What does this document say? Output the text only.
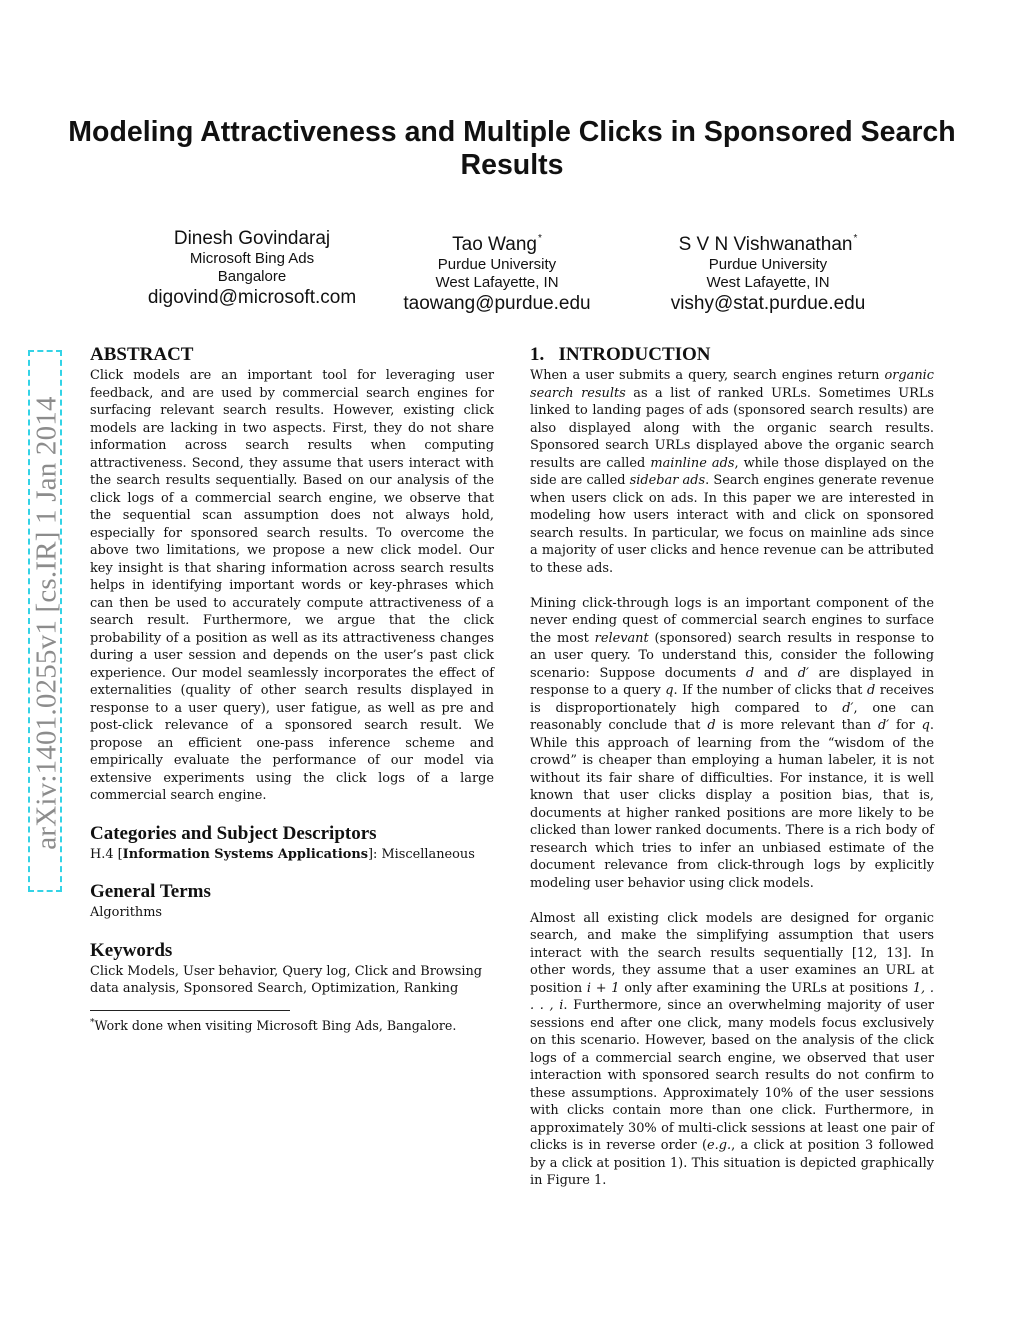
arXiv:1401.0255v1 [cs.IR] 1 Jan 2014
Modeling Attractiveness and Multiple Clicks in Sponsored Search Results
Dinesh Govindaraj
Microsoft Bing Ads
Bangalore
digovind@microsoft.com
Tao Wang*
Purdue University
West Lafayette, IN
taowang@purdue.edu
S V N Vishwanathan*
Purdue University
West Lafayette, IN
vishy@stat.purdue.edu
ABSTRACT

Click models are an important tool for leveraging user feedback, and are used by commercial search engines for surfacing relevant search results. However, existing click models are lacking in two aspects. First, they do not share information across search results when computing attractiveness. Second, they assume that users interact with the search results sequentially. Based on our analysis of the click logs of a commercial search engine, we observe that the sequential scan assumption does not always hold, especially for sponsored search results. To overcome the above two limitations, we propose a new click model. Our key insight is that sharing information across search results helps in identifying important words or key-phrases which can then be used to accurately compute attractiveness of a search result. Furthermore, we argue that the click probability of a position as well as its attractiveness changes during a user session and depends on the user’s past click experience. Our model seamlessly incorporates the effect of externalities (quality of other search results displayed in response to a user query), user fatigue, as well as pre and post-click relevance of a sponsored search result. We propose an efficient one-pass inference scheme and empirically evaluate the performance of our model via extensive experiments using the click logs of a large commercial search engine.

Categories and Subject Descriptors

H.4 [Information Systems Applications]: Miscellaneous

General Terms

Algorithms

Keywords

Click Models, User behavior, Query log, Click and Browsing data analysis, Sponsored Search, Optimization, Ranking

*Work done when visiting Microsoft Bing Ads, Bangalore.
1.   INTRODUCTION

When a user submits a query, search engines return organic search results as a list of ranked URLs. Sometimes URLs linked to landing pages of ads (sponsored search results) are also displayed along with the organic search results. Sponsored search URLs displayed above the organic search results are called mainline ads, while those displayed on the side are called sidebar ads. Search engines generate revenue when users click on ads. In this paper we are interested in modeling how users interact with and click on sponsored search results. In particular, we focus on mainline ads since a majority of user clicks and hence revenue can be attributed to these ads.

Mining click-through logs is an important component of the never ending quest of commercial search engines to surface the most relevant (sponsored) search results in response to an user query. To understand this, consider the following scenario: Suppose documents d and d′ are displayed in response to a query q. If the number of clicks that d receives is disproportionately high compared to d′, one can reasonably conclude that d is more relevant than d′ for q. While this approach of learning from the “wisdom of the crowd” is cheaper than employing a human labeler, it is not without its fair share of difficulties. For instance, it is well known that user clicks display a position bias, that is, documents at higher ranked positions are more likely to be clicked than lower ranked documents. There is a rich body of research which tries to infer an unbiased estimate of the document relevance from click-through logs by explicitly modeling user behavior using click models.

Almost all existing click models are designed for organic search, and make the simplifying assumption that users interact with the search results sequentially [12, 13]. In other words, they assume that a user examines an URL at position i + 1 only after examining the URLs at positions 1, . . . , i. Furthermore, since an overwhelming majority of user sessions end after one click, many models focus exclusively on this scenario. However, based on the analysis of the click logs of a commercial search engine, we observed that user interaction with sponsored search results do not confirm to these assumptions. Approximately 10% of the user sessions with clicks contain more than one click. Furthermore, in approximately 30% of multi-click sessions at least one pair of clicks is in reverse order (e.g., a click at position 3 followed by a click at position 1). This situation is depicted graphically in Figure 1.
